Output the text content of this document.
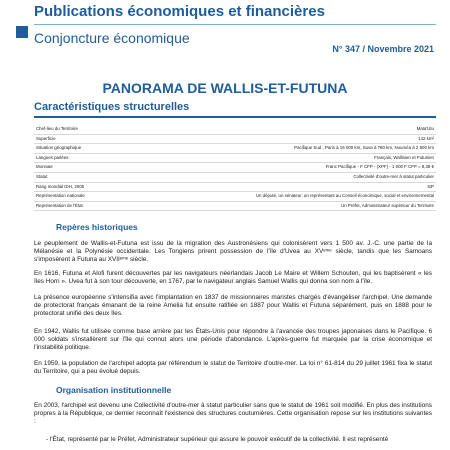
Publications économiques et financières
Conjoncture économique
N° 347 / Novembre 2021
PANORAMA DE WALLIS-ET-FUTUNA
Caractéristiques structurelles
Chef-lieu du Territoire	Mata'Utu
Superficie	142 km²
Situation géographique	Pacifique Sud ; Paris à 16 000 km, Suva à 780 km, Nouméa à 2 500 km
Langues parlées	Français, Wallisien et Futunien
Monnaie	Franc Pacifique - F CFP - (XPF) - 1 000 F CFP = 8,38 €
Statut	Collectivité d'outre-mer à statut particulier
Rang mondial IDH, 2005	53ᵉ
Représentation nationale	Un député, un sénateur, un représentant au Conseil économique, social et environnemental
Représentation de l'État	Un Préfet, Administrateur supérieur du Territoire
Repères historiques
Le peuplement de Wallis-et-Futuna est issu de la migration des Austronésiens qui colonisèrent vers 1 500 av. J.-C. une partie de la Mélanésie et la Polynésie occidentale. Les Tongiens prirent possession de l'île d'Uvea au XVᵉᵐᵉ siècle, tandis que les Samoans s'imposèrent à Futuna au XVIIᵉᵐᵉ siècle.
En 1616, Futuna et Alofi furent découvertes par les navigateurs néerlandais Jacob Le Maire et Willem Schouten, qui les baptisèrent « les îles Horn ». Uvea fut à son tour découverte, en 1767, par le navigateur anglais Samuel Wallis qui donna son nom à l'île.
La présence européenne s'intensifia avec l'implantation en 1837 de missionnaires maristes chargés d'évangéliser l'archipel. Une demande de protectorat français émanant de la reine Amelia fut ensuite ratifiée en 1887 pour Wallis et Futuna séparément, puis en 1888 pour le protectorat unifié des deux îles.
En 1942, Wallis fut utilisée comme base arrière par les États-Unis pour répondre à l'avancée des troupes japonaises dans le Pacifique. 6 000 soldats s'installèrent sur l'île qui connut alors une période d'abondance. L'après-guerre fut marquée par la crise économique et l'instabilité politique.
En 1959, la population de l'archipel adopta par référendum le statut de Territoire d'outre-mer. La loi n° 61-814 du 29 juillet 1961 fixa le statut du Territoire, qui a peu évolué depuis.
Organisation institutionnelle
En 2003, l'archipel est devenu une Collectivité d'outre-mer à statut particulier sans que le statut de 1961 soit modifié. En plus des institutions propres à la République, ce dernier reconnaît l'existence des structures coutumières. Cette organisation repose sur les institutions suivantes :
- l'État, représenté par le Préfet, Administrateur supérieur qui assure le pouvoir exécutif de la collectivité. Il est représenté
